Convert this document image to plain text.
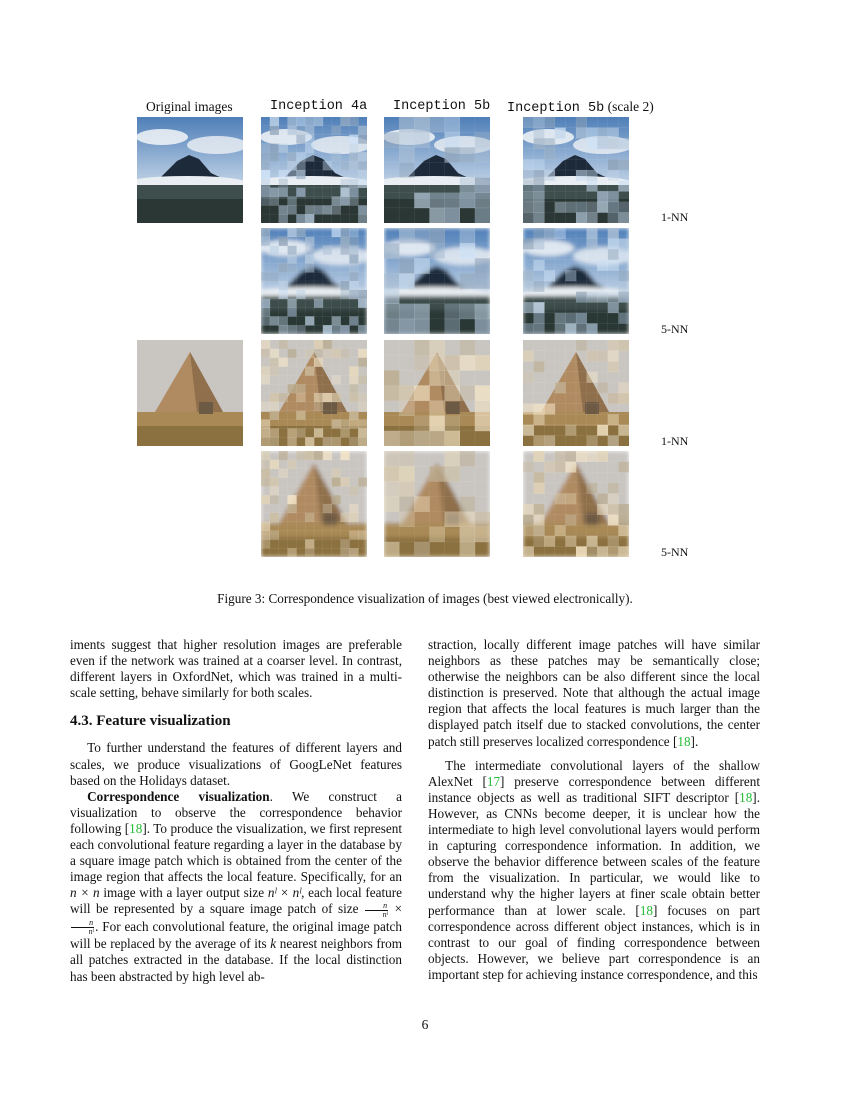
Original images	Inception 4a Inception 5b Inception 5b (scale 2)
1-NN
5-NN
1-NN
5-NN
Figure 3: Correspondence visualization of images (best viewed electronically).

iments suggest that higher resolution images are preferable even if the network was trained at a coarser level. In contrast, different layers in OxfordNet, which was trained in a multi-scale setting, behave similarly for both scales.

4.3. Feature visualization

To further understand the features of different layers and scales, we produce visualizations of GoogLeNet features based on the Holidays dataset.

Correspondence visualization. We construct a visualization to observe the correspondence behavior following [18]. To produce the visualization, we first represent each convolutional feature regarding a layer in the database by a square image patch which is obtained from the center of the image region that affects the local feature. Specifically, for an n × n image with a layer output size nˡ × nˡ, each local feature will be represented by a square image patch of size $\frac{n}{\text{nˡ}}$ ×
$\frac{n}{\text{nˡ}}$ . For each convolutional feature, the original image patch will be replaced by the average of its k nearest neighbors from all patches extracted in the database. If the local distinction has been abstracted by high level ab-

straction, locally different image patches will have similar neighbors as these patches may be semantically close; otherwise the neighbors can be also different since the local distinction is preserved. Note that although the actual image region that affects the local features is much larger than the displayed patch itself due to stacked convolutions, the center patch still preserves localized correspondence [18].

The intermediate convolutional layers of the shallow AlexNet [17] preserve correspondence between different instance objects as well as traditional SIFT descriptor [18]. However, as CNNs become deeper, it is unclear how the intermediate to high level convolutional layers would perform in capturing correspondence information. In addition, we observe the behavior difference between scales of the feature from the visualization. In particular, we would like to understand why the higher layers at finer scale obtain better performance than at lower scale. [18] focuses on part correspondence across different object instances, which is in contrast to our goal of finding correspondence between objects. However, we believe part correspondence is an important step for achieving instance correspondence, and this

6
